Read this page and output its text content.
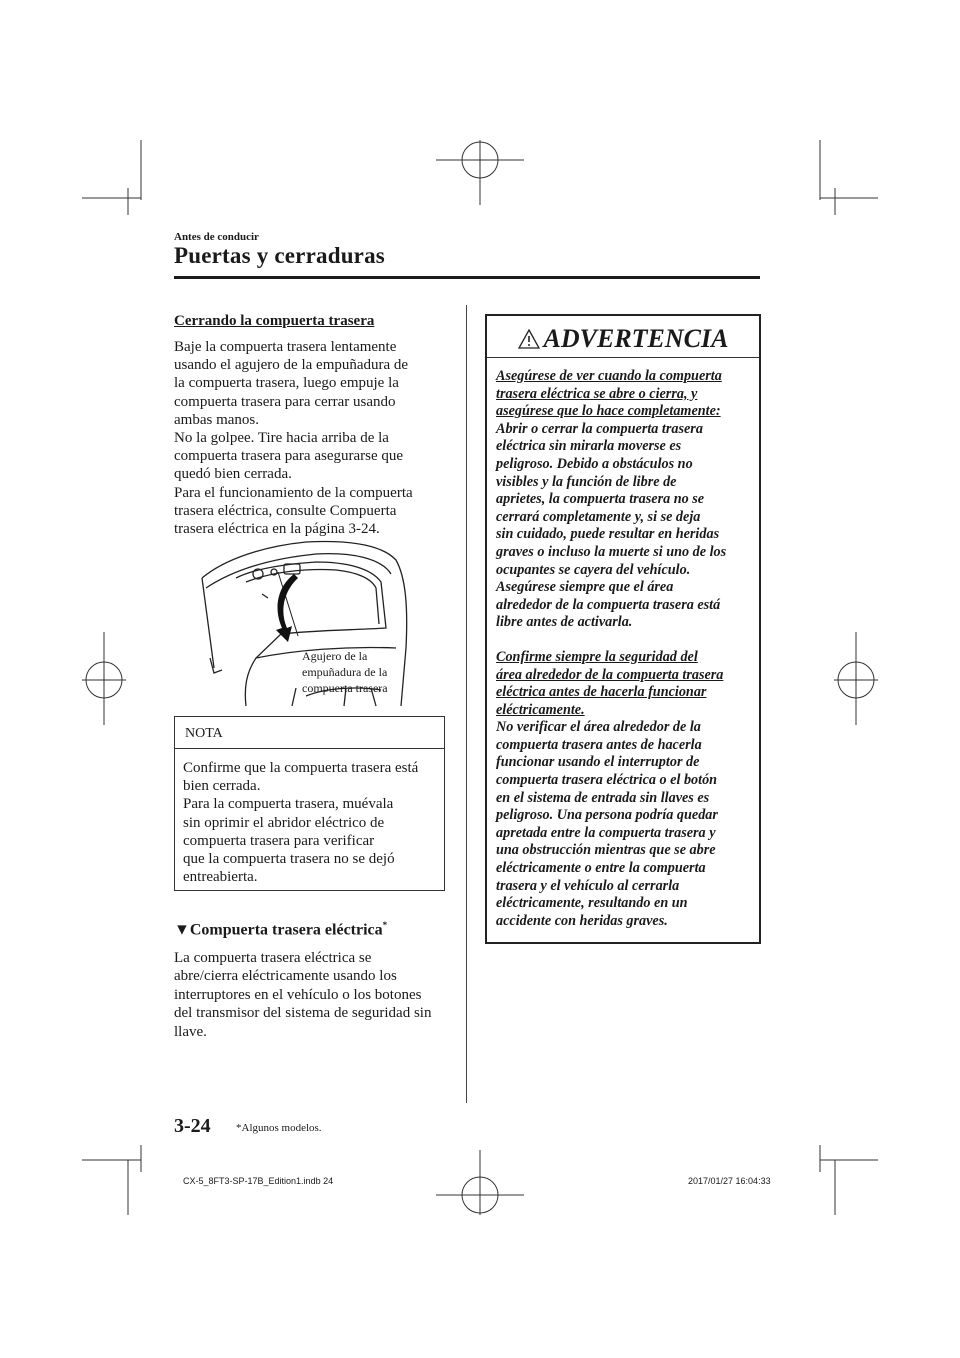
Antes de conducir
Puertas y cerraduras
Cerrando la compuerta trasera
Baje la compuerta trasera lentamente
usando el agujero de la empuñadura de
la compuerta trasera, luego empuje la
compuerta trasera para cerrar usando
ambas manos.
No la golpee. Tire hacia arriba de la
compuerta trasera para asegurarse que
quedó bien cerrada.
Para el funcionamiento de la compuerta
trasera eléctrica, consulte Compuerta
trasera eléctrica en la página 3-24.
Agujero de la
empuñadura de la
compuerta trasera
NOTA
Confirme que la compuerta trasera está
bien cerrada.
Para la compuerta trasera, muévala
sin oprimir el abridor eléctrico de
compuerta trasera para verificar
que la compuerta trasera no se dejó
entreabierta.
▼Compuerta trasera eléctrica*
La compuerta trasera eléctrica se
abre/cierra eléctricamente usando los
interruptores en el vehículo o los botones
del transmisor del sistema de seguridad sin
llave.
ADVERTENCIA
Asegúrese de ver cuando la compuerta
trasera eléctrica se abre o cierra, y
asegúrese que lo hace completamente:
Abrir o cerrar la compuerta trasera
eléctrica sin mirarla moverse es
peligroso. Debido a obstáculos no
visibles y la función de libre de
aprietes, la compuerta trasera no se
cerrará completamente y, si se deja
sin cuidado, puede resultar en heridas
graves o incluso la muerte si uno de los
ocupantes se cayera del vehículo.
Asegúrese siempre que el área
alrededor de la compuerta trasera está
libre antes de activarla.
Confirme siempre la seguridad del
área alrededor de la compuerta trasera
eléctrica antes de hacerla funcionar
eléctricamente.
No verificar el área alrededor de la
compuerta trasera antes de hacerla
funcionar usando el interruptor de
compuerta trasera eléctrica o el botón
en el sistema de entrada sin llaves es
peligroso. Una persona podría quedar
apretada entre la compuerta trasera y
una obstrucción mientras que se abre
eléctricamente o entre la compuerta
trasera y el vehículo al cerrarla
eléctricamente, resultando en un
accidente con heridas graves.
3-24 *Algunos modelos.
CX-5_8FT3-SP-17B_Edition1.indb 24	2017/01/27 16:04:33
